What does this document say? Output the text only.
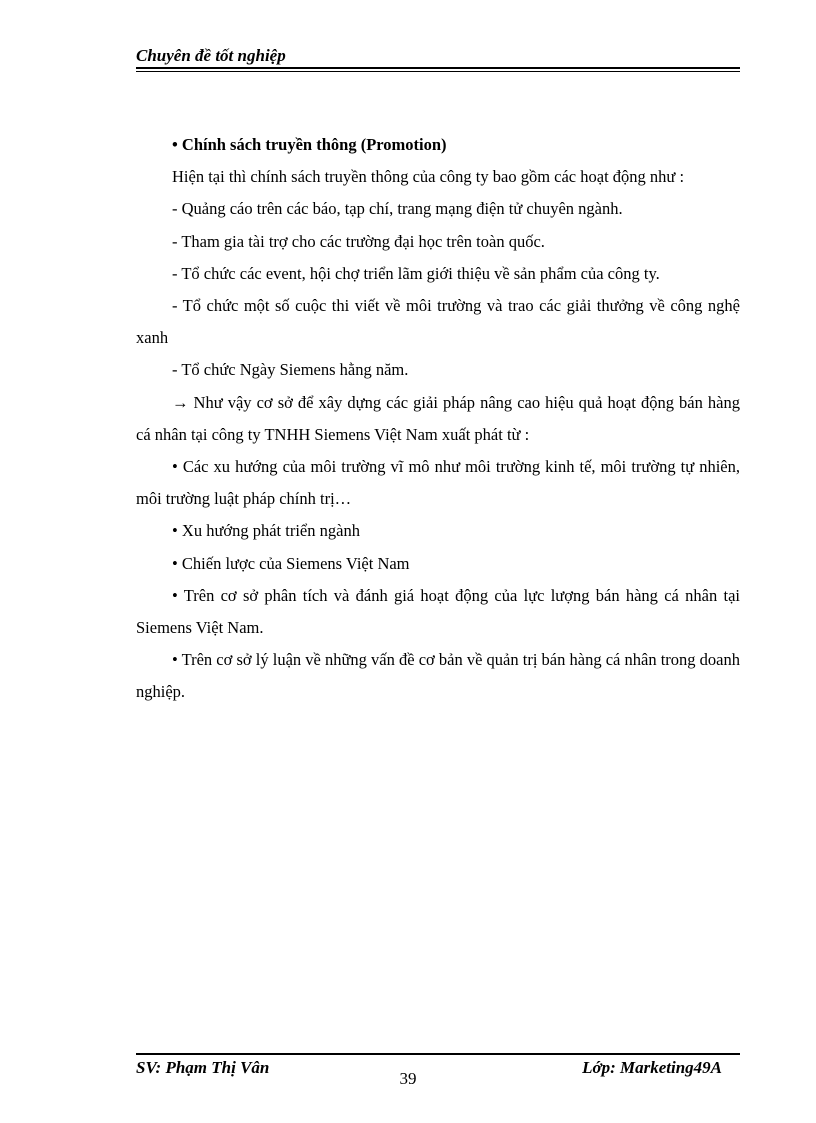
Chuyên đề tốt nghiệp

• Chính sách truyền thông (Promotion)

Hiện tại thì chính sách truyền thông của công ty bao gồm các hoạt động như :

- Quảng cáo trên các báo, tạp chí, trang mạng điện tử chuyên ngành.

- Tham gia tài trợ cho các trường đại học trên toàn quốc.

- Tổ chức các event, hội chợ triển lãm giới thiệu về sản phẩm của công ty.

- Tổ chức một số cuộc thi viết về môi trường và trao các giải thưởng về công nghệ xanh

- Tổ chức Ngày Siemens hằng năm.

→ Như vậy cơ sở để xây dựng các giải pháp nâng cao hiệu quả hoạt động bán hàng cá nhân tại công ty TNHH Siemens Việt Nam xuất phát từ :

• Các xu hướng của môi trường vĩ mô như môi trường kinh tế, môi trường tự nhiên, môi trường luật pháp chính trị…

• Xu hướng phát triển ngành

• Chiến lược của Siemens Việt Nam

• Trên cơ sở phân tích và đánh giá hoạt động của lực lượng bán hàng cá nhân tại Siemens Việt Nam.

• Trên cơ sở lý luận về những vấn đề cơ bản về quản trị bán hàng cá nhân trong doanh nghiệp.

SV: Phạm Thị Vân
39
Lớp: Marketing49A
